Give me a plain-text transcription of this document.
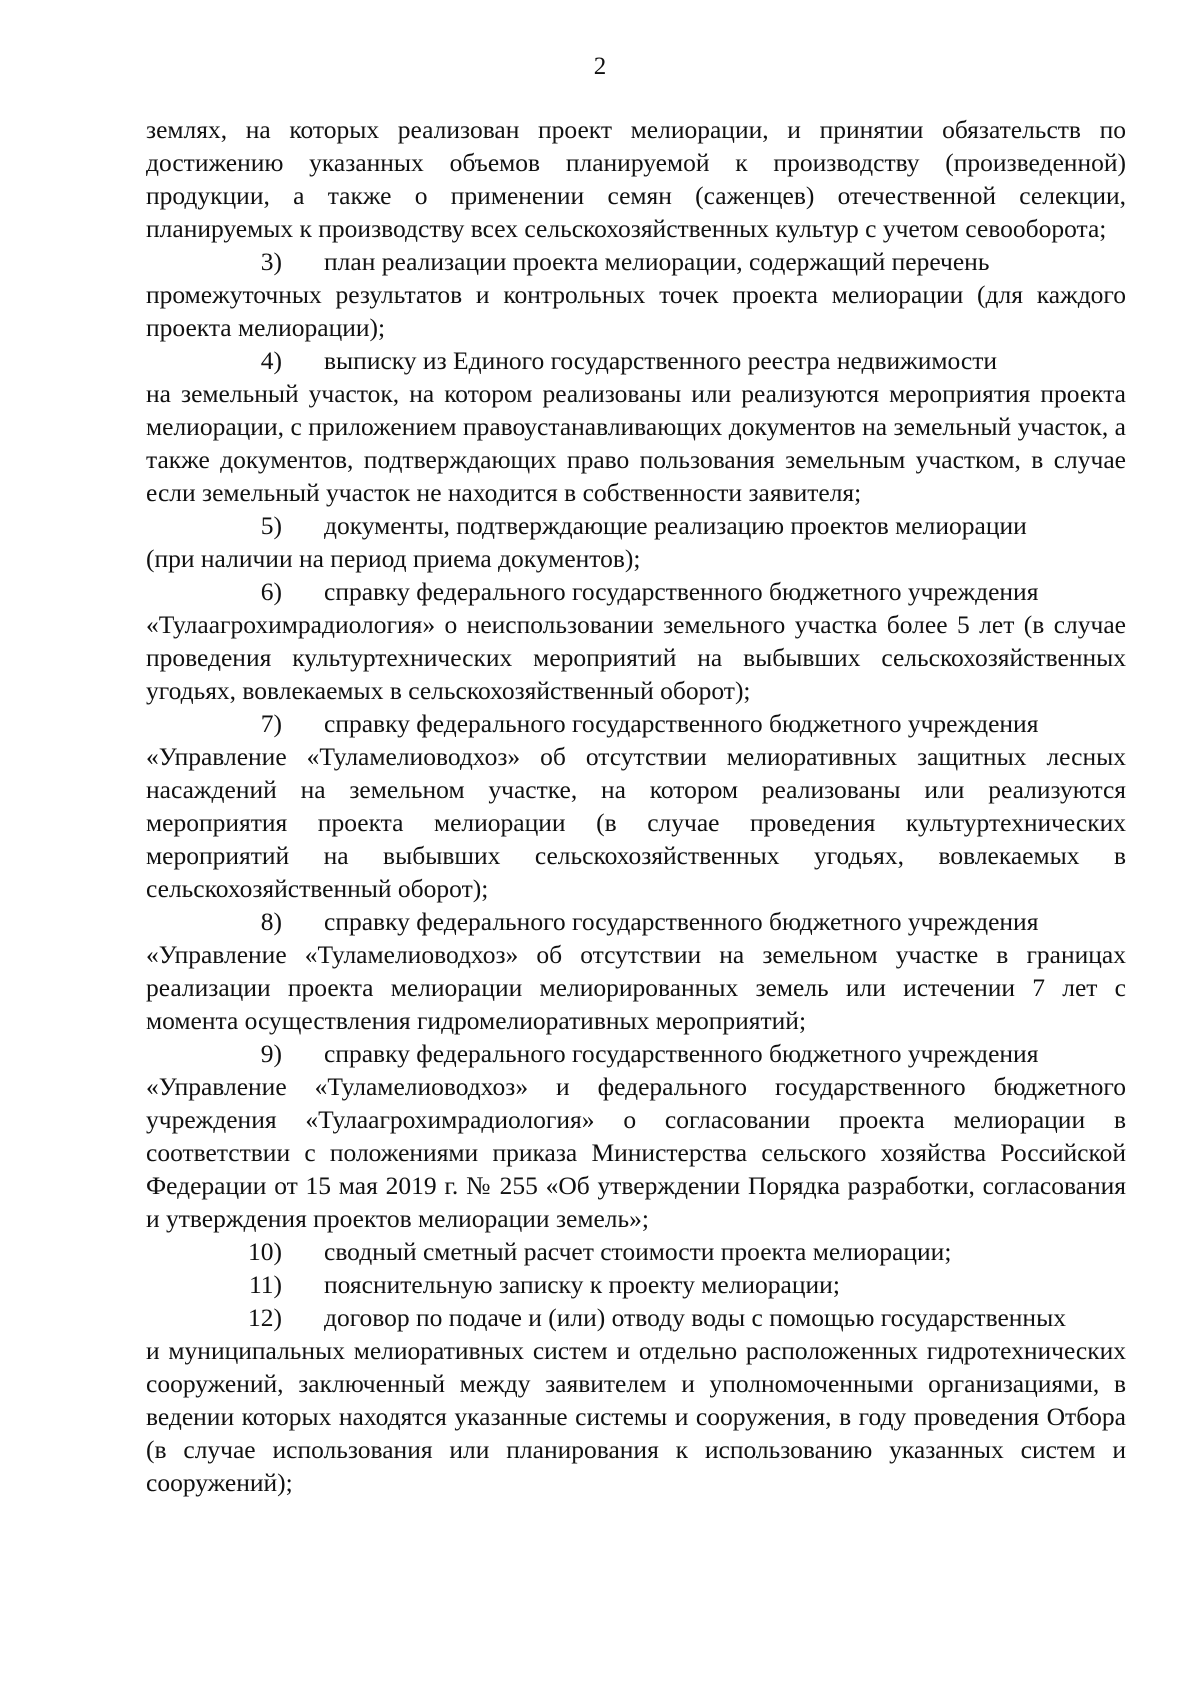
2

землях, на которых реализован проект мелиорации, и принятии обязательств по достижению указанных объемов планируемой к производству (произведенной) продукции, а также о применении семян (саженцев) отечественной селекции, планируемых к производству всех сельскохозяйственных культур с учетом севооборота;

3) план реализации проекта мелиорации, содержащий перечень

промежуточных результатов и контрольных точек проекта мелиорации (для каждого проекта мелиорации);

4) выписку из Единого государственного реестра недвижимости

на земельный участок, на котором реализованы или реализуются мероприятия проекта мелиорации, с приложением правоустанавливающих документов на земельный участок, а также документов, подтверждающих право пользования земельным участком, в случае если земельный участок не находится в собственности заявителя;

5) документы, подтверждающие реализацию проектов мелиорации

(при наличии на период приема документов);

6) справку федерального государственного бюджетного учреждения

«Тулаагрохимрадиология» о неиспользовании земельного участка более 5 лет (в случае проведения культуртехнических мероприятий на выбывших сельскохозяйственных угодьях, вовлекаемых в сельскохозяйственный оборот);

7) справку федерального государственного бюджетного учреждения

«Управление «Туламелиоводхоз» об отсутствии мелиоративных защитных лесных насаждений на земельном участке, на котором реализованы или реализуются мероприятия проекта мелиорации (в случае проведения культуртехнических мероприятий на выбывших сельскохозяйственных угодьях, вовлекаемых в сельскохозяйственный оборот);

8) справку федерального государственного бюджетного учреждения

«Управление «Туламелиоводхоз» об отсутствии на земельном участке в границах реализации проекта мелиорации мелиорированных земель или истечении 7 лет с момента осуществления гидромелиоративных мероприятий;

9) справку федерального государственного бюджетного учреждения

«Управление «Туламелиоводхоз» и федерального государственного бюджетного учреждения «Тулаагрохимрадиология» о согласовании проекта мелиорации в соответствии с положениями приказа Министерства сельского хозяйства Российской Федерации от 15 мая 2019 г. № 255 «Об утверждении Порядка разработки, согласования и утверждения проектов мелиорации земель»;

10) сводный сметный расчет стоимости проекта мелиорации;
11) пояснительную записку к проекту мелиорации;
12) договор по подаче и (или) отводу воды с помощью государственных

и муниципальных мелиоративных систем и отдельно расположенных гидротехнических сооружений, заключенный между заявителем и уполномоченными организациями, в ведении которых находятся указанные системы и сооружения, в году проведения Отбора (в случае использования или планирования к использованию указанных систем и сооружений);
